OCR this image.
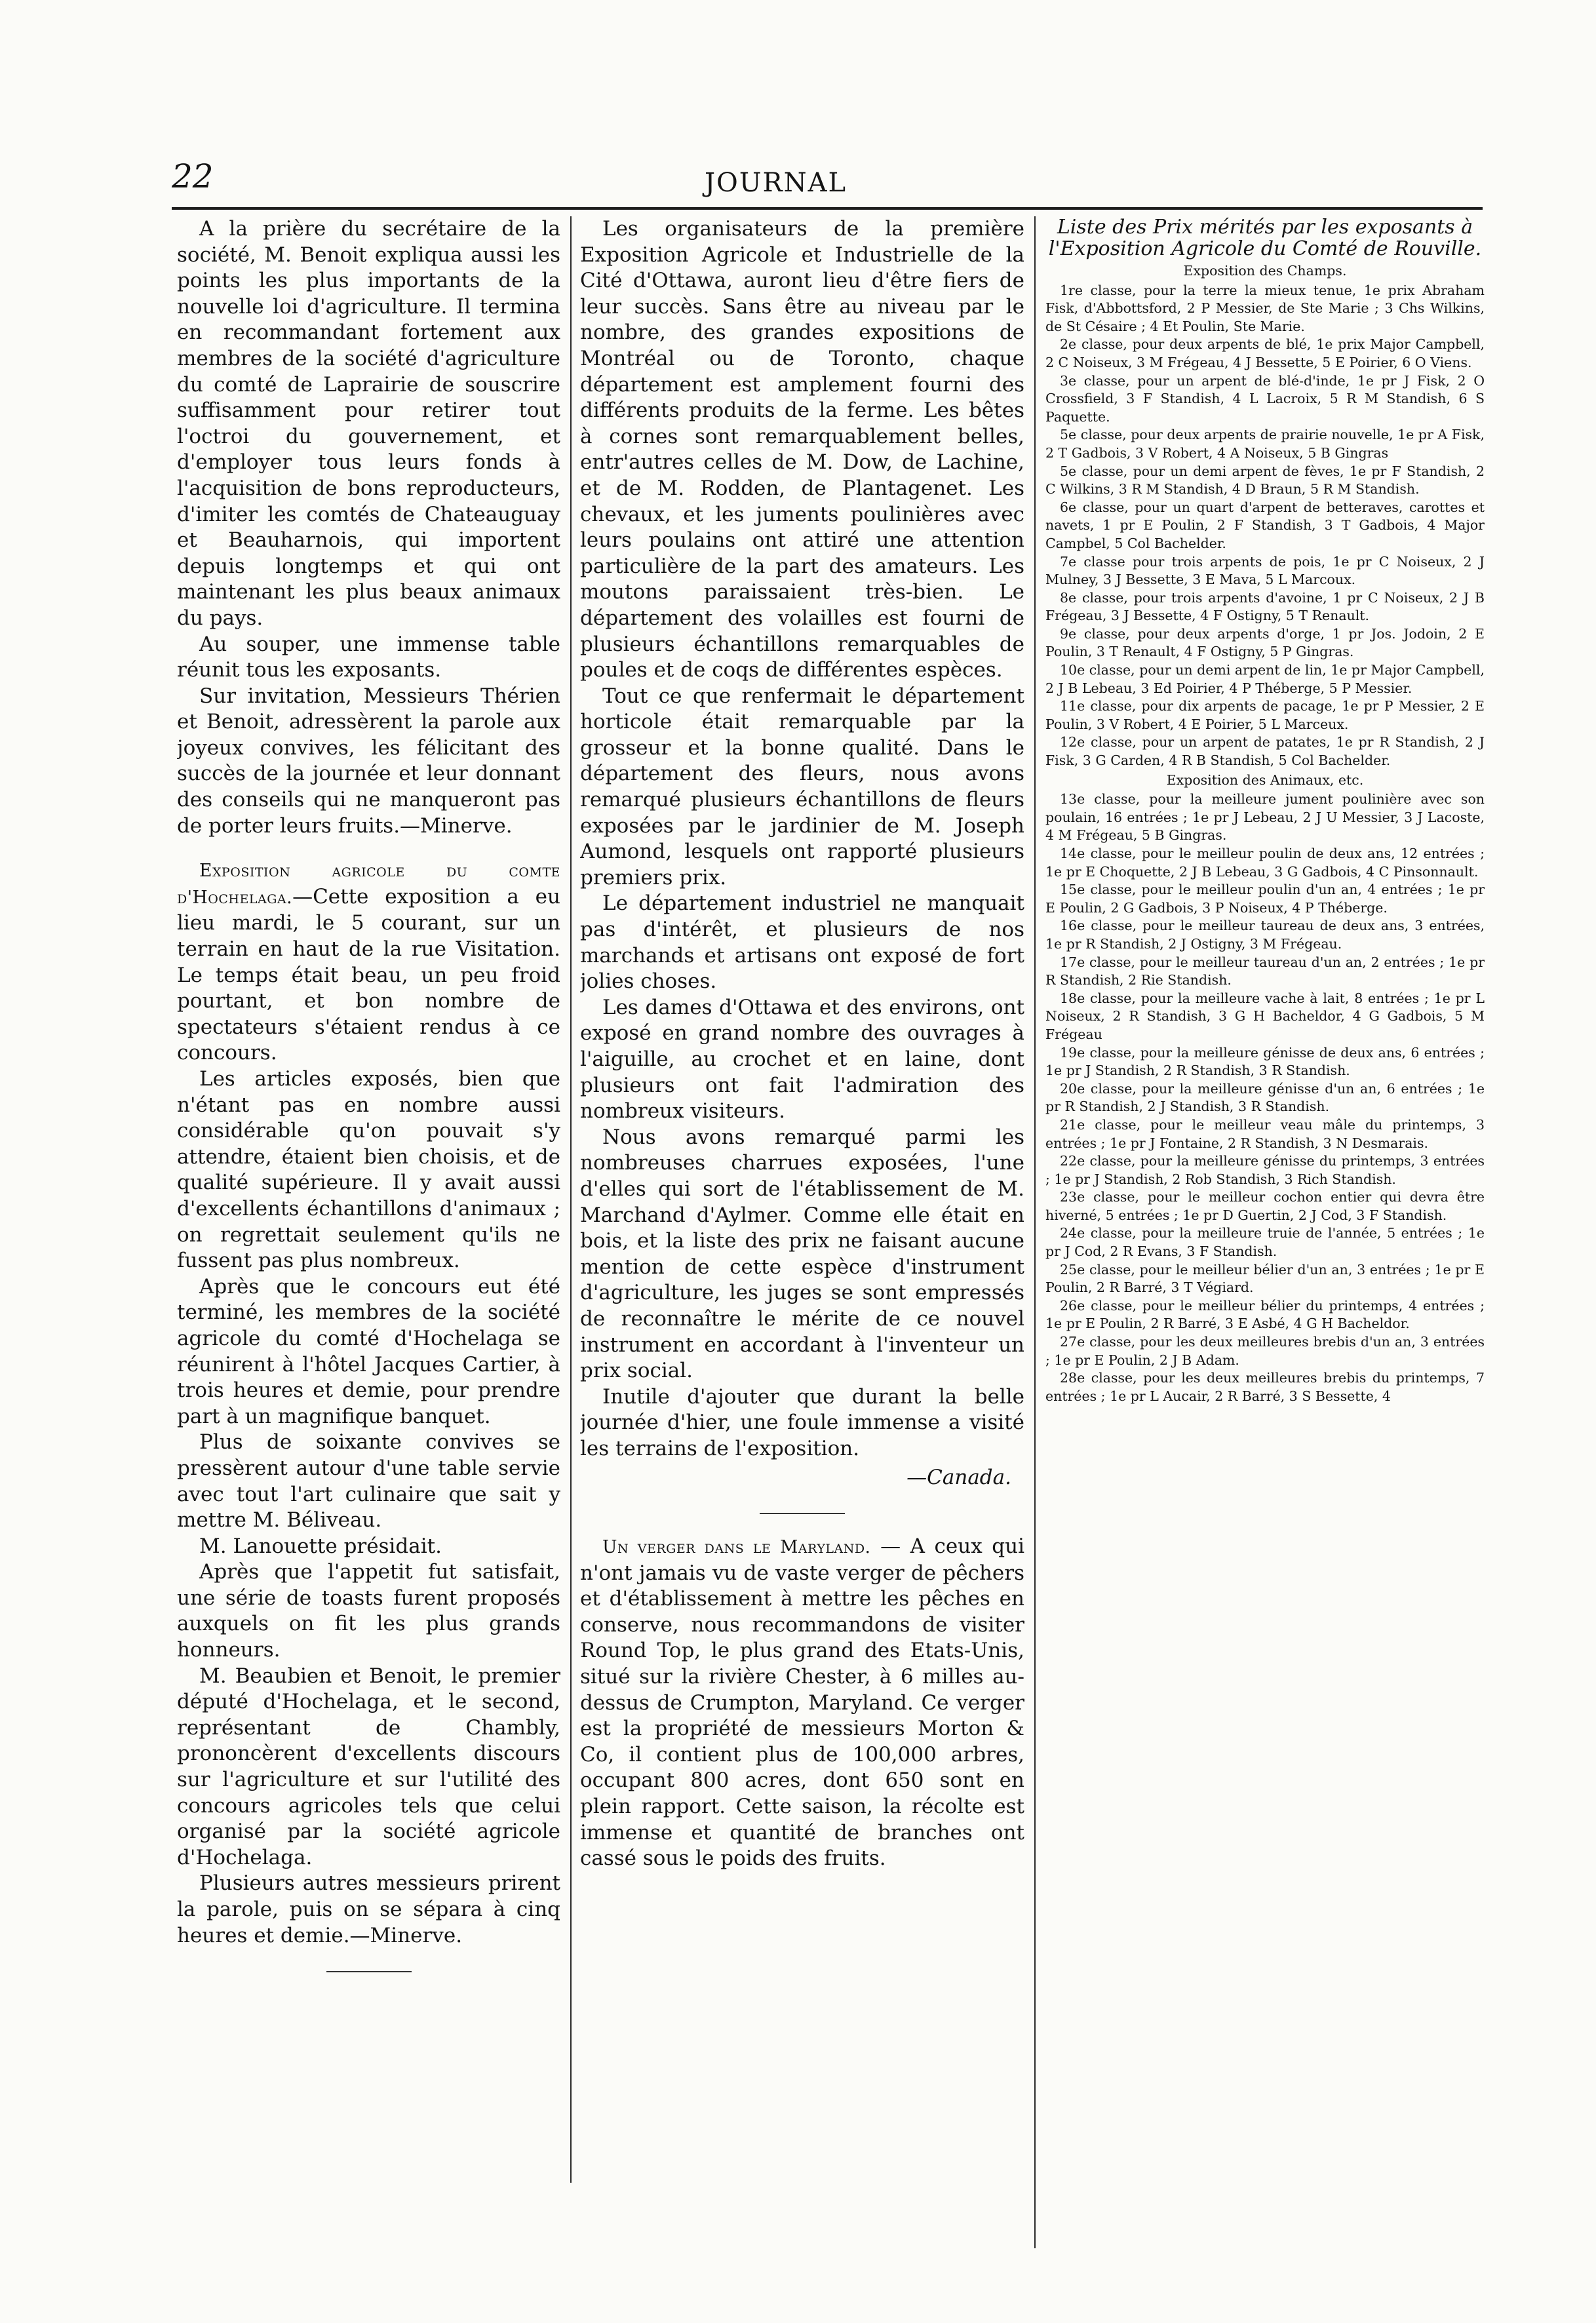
22	JOURNAL

A la prière du secrétaire de la société, M. Benoit expliqua aussi les points les plus importants de la nouvelle loi d'agriculture. Il termina en recommandant fortement aux membres de la société d'agriculture du comté de Laprairie de souscrire suffisamment pour retirer tout l'octroi du gouvernement, et d'employer tous leurs fonds à l'acquisition de bons reproducteurs, d'imiter les comtés de Chateauguay et Beauharnois, qui importent depuis longtemps et qui ont maintenant les plus beaux animaux du pays.

Au souper, une immense table réunit tous les exposants.

Sur invitation, Messieurs Thérien et Benoit, adressèrent la parole aux joyeux convives, les félicitant des succès de la journée et leur donnant des conseils qui ne manqueront pas de porter leurs fruits.—Minerve.

Exposition agricole du comte d'Hochelaga.—Cette exposition a eu lieu mardi, le 5 courant, sur un terrain en haut de la rue Visitation. Le temps était beau, un peu froid pourtant, et bon nombre de spectateurs s'étaient rendus à ce concours.

Les articles exposés, bien que n'étant pas en nombre aussi considérable qu'on pouvait s'y attendre, étaient bien choisis, et de qualité supérieure. Il y avait aussi d'excellents échantillons d'animaux ; on regrettait seulement qu'ils ne fussent pas plus nombreux.

Après que le concours eut été terminé, les membres de la société agricole du comté d'Hochelaga se réunirent à l'hôtel Jacques Cartier, à trois heures et demie, pour prendre part à un magnifique banquet.

Plus de soixante convives se pressèrent autour d'une table servie avec tout l'art culinaire que sait y mettre M. Béliveau.

M. Lanouette présidait.

Après que l'appetit fut satisfait, une série de toasts furent proposés auxquels on fit les plus grands honneurs.

M. Beaubien et Benoit, le premier député d'Hochelaga, et le second, représentant de Chambly, prononcèrent d'excellents discours sur l'agriculture et sur l'utilité des concours agricoles tels que celui organisé par la société agricole d'Hochelaga.

Plusieurs autres messieurs prirent la parole, puis on se sépara à cinq heures et demie.—Minerve.

Les organisateurs de la première Exposition Agricole et Industrielle de la Cité d'Ottawa, auront lieu d'être fiers de leur succès. Sans être au niveau par le nombre, des grandes expositions de Montréal ou de Toronto, chaque département est amplement fourni des différents produits de la ferme. Les bêtes à cornes sont remarquablement belles, entr'autres celles de M. Dow, de Lachine, et de M. Rodden, de Plantagenet. Les chevaux, et les juments poulinières avec leurs poulains ont attiré une attention particulière de la part des amateurs. Les moutons paraissaient très-bien. Le département des volailles est fourni de plusieurs échantillons remarquables de poules et de coqs de différentes espèces.

Tout ce que renfermait le département horticole était remarquable par la grosseur et la bonne qualité. Dans le département des fleurs, nous avons remarqué plusieurs échantillons de fleurs exposées par le jardinier de M. Joseph Aumond, lesquels ont rapporté plusieurs premiers prix.

Le département industriel ne manquait pas d'intérêt, et plusieurs de nos marchands et artisans ont exposé de fort jolies choses.

Les dames d'Ottawa et des environs, ont exposé en grand nombre des ouvrages à l'aiguille, au crochet et en laine, dont plusieurs ont fait l'admiration des nombreux visiteurs.

Nous avons remarqué parmi les nombreuses charrues exposées, l'une d'elles qui sort de l'établissement de M. Marchand d'Aylmer. Comme elle était en bois, et la liste des prix ne faisant aucune mention de cette espèce d'instrument d'agriculture, les juges se sont empressés de reconnaître le mérite de ce nouvel instrument en accordant à l'inventeur un prix social.

Inutile d'ajouter que durant la belle journée d'hier, une foule immense a visité les terrains de l'exposition.

—Canada.

Un verger dans le Maryland. — A ceux qui n'ont jamais vu de vaste verger de pêchers et d'établissement à mettre les pêches en conserve, nous recommandons de visiter Round Top, le plus grand des Etats-Unis, situé sur la rivière Chester, à 6 milles au-dessus de Crumpton, Maryland. Ce verger est la propriété de messieurs Morton & Co, il contient plus de 100,000 arbres, occupant 800 acres, dont 650 sont en plein rapport. Cette saison, la récolte est immense et quantité de branches ont cassé sous le poids des fruits.

Liste des Prix mérités par les exposants à l'Exposition Agricole du Comté de Rouville.
Exposition des Champs.

1re classe, pour la terre la mieux tenue, 1e prix Abraham Fisk, d'Abbottsford, 2 P Messier, de Ste Marie ; 3 Chs Wilkins, de St Césaire ; 4 Et Poulin, Ste Marie.

2e classe, pour deux arpents de blé, 1e prix Major Campbell, 2 C Noiseux, 3 M Frégeau, 4 J Bessette, 5 E Poirier, 6 O Viens.

3e classe, pour un arpent de blé-d'inde, 1e pr J Fisk, 2 O Crossfield, 3 F Standish, 4 L Lacroix, 5 R M Standish, 6 S Paquette.

5e classe, pour deux arpents de prairie nouvelle, 1e pr A Fisk, 2 T Gadbois, 3 V Robert, 4 A Noiseux, 5 B Gingras

5e classe, pour un demi arpent de fèves, 1e pr F Standish, 2 C Wilkins, 3 R M Standish, 4 D Braun, 5 R M Standish.

6e classe, pour un quart d'arpent de betteraves, carottes et navets, 1 pr E Poulin, 2 F Standish, 3 T Gadbois, 4 Major Campbel, 5 Col Bachelder.

7e classe pour trois arpents de pois, 1e pr C Noiseux, 2 J Mulney, 3 J Bessette, 3 E Mava, 5 L Marcoux.

8e classe, pour trois arpents d'avoine, 1 pr C Noiseux, 2 J B Frégeau, 3 J Bessette, 4 F Ostigny, 5 T Renault.

9e classe, pour deux arpents d'orge, 1 pr Jos. Jodoin, 2 E Poulin, 3 T Renault, 4 F Ostigny, 5 P Gingras.

10e classe, pour un demi arpent de lin, 1e pr Major Campbell, 2 J B Lebeau, 3 Ed Poirier, 4 P Théberge, 5 P Messier.

11e classe, pour dix arpents de pacage, 1e pr P Messier, 2 E Poulin, 3 V Robert, 4 E Poirier, 5 L Marceux.

12e classe, pour un arpent de patates, 1e pr R Standish, 2 J Fisk, 3 G Carden, 4 R B Standish, 5 Col Bachelder.

Exposition des Animaux, etc.

13e classe, pour la meilleure jument poulinière avec son poulain, 16 entrées ; 1e pr J Lebeau, 2 J U Messier, 3 J Lacoste, 4 M Frégeau, 5 B Gingras.

14e classe, pour le meilleur poulin de deux ans, 12 entrées ; 1e pr E Choquette, 2 J B Lebeau, 3 G Gadbois, 4 C Pinsonnault.

15e classe, pour le meilleur poulin d'un an, 4 entrées ; 1e pr E Poulin, 2 G Gadbois, 3 P Noiseux, 4 P Théberge.

16e classe, pour le meilleur taureau de deux ans, 3 entrées, 1e pr R Standish, 2 J Ostigny, 3 M Frégeau.

17e classe, pour le meilleur taureau d'un an, 2 entrées ; 1e pr R Standish, 2 Rie Standish.

18e classe, pour la meilleure vache à lait, 8 entrées ; 1e pr L Noiseux, 2 R Standish, 3 G H Bacheldor, 4 G Gadbois, 5 M Frégeau

19e classe, pour la meilleure génisse de deux ans, 6 entrées ; 1e pr J Standish, 2 R Standish, 3 R Standish.

20e classe, pour la meilleure génisse d'un an, 6 entrées ; 1e pr R Standish, 2 J Standish, 3 R Standish.

21e classe, pour le meilleur veau mâle du printemps, 3 entrées ; 1e pr J Fontaine, 2 R Standish, 3 N Desmarais.

22e classe, pour la meilleure génisse du printemps, 3 entrées ; 1e pr J Standish, 2 Rob Standish, 3 Rich Standish.

23e classe, pour le meilleur cochon entier qui devra être hiverné, 5 entrées ; 1e pr D Guertin, 2 J Cod, 3 F Standish.

24e classe, pour la meilleure truie de l'année, 5 entrées ; 1e pr J Cod, 2 R Evans, 3 F Standish.

25e classe, pour le meilleur bélier d'un an, 3 entrées ; 1e pr E Poulin, 2 R Barré, 3 T Végiard.

26e classe, pour le meilleur bélier du printemps, 4 entrées ; 1e pr E Poulin, 2 R Barré, 3 E Asbé, 4 G H Bacheldor.

27e classe, pour les deux meilleures brebis d'un an, 3 entrées ; 1e pr E Poulin, 2 J B Adam.

28e classe, pour les deux meilleures brebis du printemps, 7 entrées ; 1e pr L Aucair, 2 R Barré, 3 S Bessette, 4
